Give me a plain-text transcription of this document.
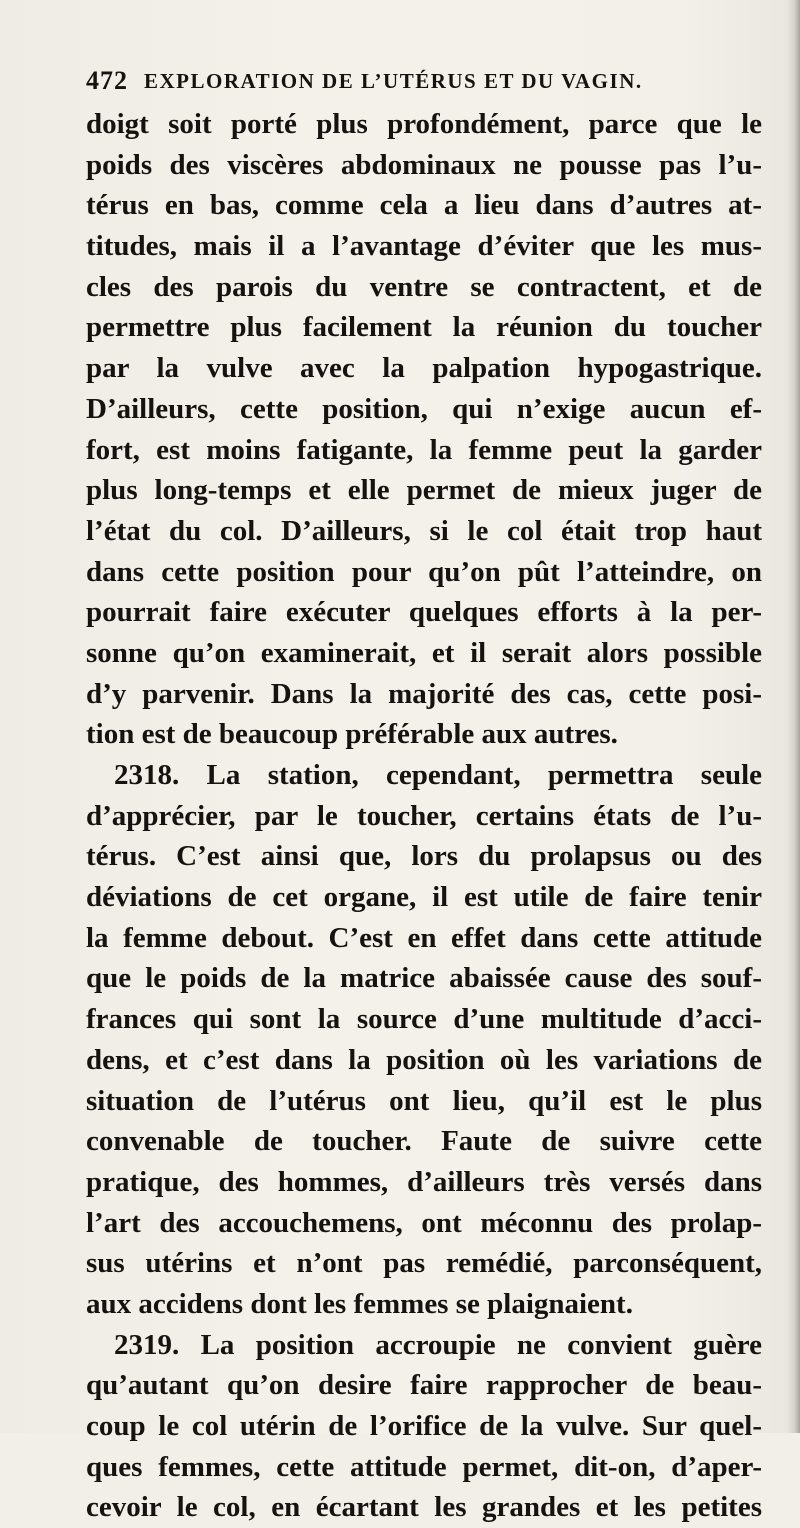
472 EXPLORATION DE L’UTÉRUS ET DU VAGIN.
doigt soit porté plus profondément, parce que le
poids des viscères abdominaux ne pousse pas l’u-
térus en bas, comme cela a lieu dans d’autres at-
titudes, mais il a l’avantage d’éviter que les mus-
cles des parois du ventre se contractent, et de
permettre plus facilement la réunion du toucher
par la vulve avec la palpation hypogastrique.
D’ailleurs, cette position, qui n’exige aucun ef-
fort, est moins fatigante, la femme peut la garder
plus long-temps et elle permet de mieux juger de
l’état du col. D’ailleurs, si le col était trop haut
dans cette position pour qu’on pût l’atteindre, on
pourrait faire exécuter quelques efforts à la per-
sonne qu’on examinerait, et il serait alors possible
d’y parvenir. Dans la majorité des cas, cette posi-
tion est de beaucoup préférable aux autres.
2318. La station, cependant, permettra seule
d’apprécier, par le toucher, certains états de l’u-
térus. C’est ainsi que, lors du prolapsus ou des
déviations de cet organe, il est utile de faire tenir
la femme debout. C’est en effet dans cette attitude
que le poids de la matrice abaissée cause des souf-
frances qui sont la source d’une multitude d’acci-
dens, et c’est dans la position où les variations de
situation de l’utérus ont lieu, qu’il est le plus
convenable de toucher. Faute de suivre cette
pratique, des hommes, d’ailleurs très versés dans
l’art des accouchemens, ont méconnu des prolap-
sus utérins et n’ont pas remédié, parconséquent,
aux accidens dont les femmes se plaignaient.
2319. La position accroupie ne convient guère
qu’autant qu’on desire faire rapprocher de beau-
coup le col utérin de l’orifice de la vulve. Sur quel-
ques femmes, cette attitude permet, dit-on, d’aper-
cevoir le col, en écartant les grandes et les petites
